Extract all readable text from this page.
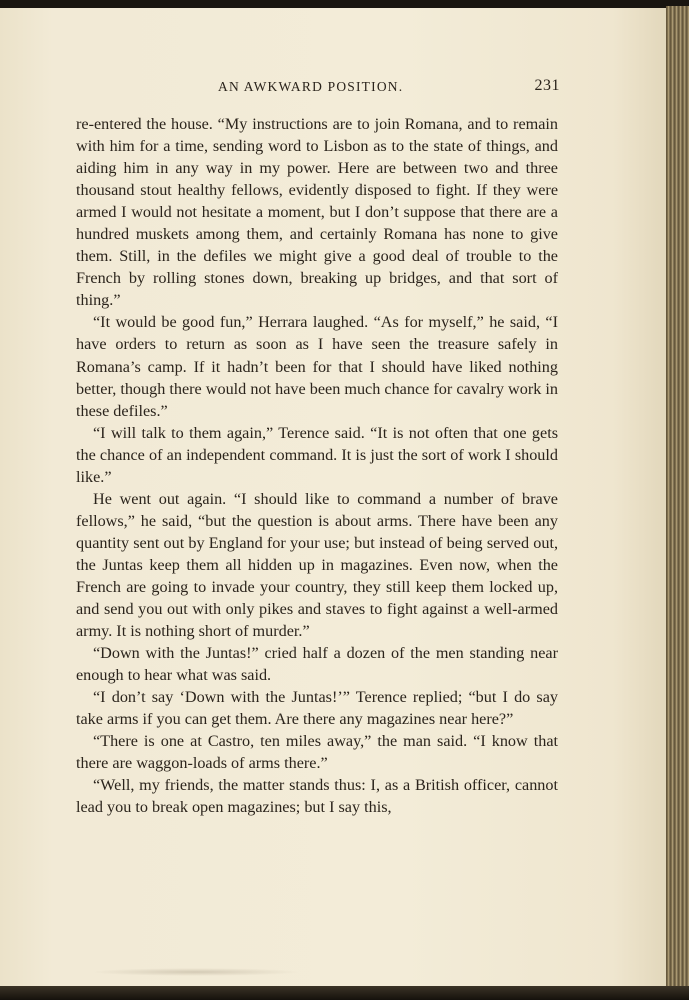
AN AWKWARD POSITION.	231

re-entered the house. “My instructions are to join Romana, and to remain with him for a time, sending word to Lisbon as to the state of things, and aiding him in any way in my power. Here are between two and three thousand stout healthy fellows, evidently disposed to fight. If they were armed I would not hesitate a moment, but I don’t suppose that there are a hundred muskets among them, and certainly Romana has none to give them. Still, in the defiles we might give a good deal of trouble to the French by rolling stones down, breaking up bridges, and that sort of thing.”

“It would be good fun,” Herrara laughed. “As for myself,” he said, “I have orders to return as soon as I have seen the treasure safely in Romana’s camp. If it hadn’t been for that I should have liked nothing better, though there would not have been much chance for cavalry work in these defiles.”

“I will talk to them again,” Terence said. “It is not often that one gets the chance of an independent command. It is just the sort of work I should like.”

He went out again. “I should like to command a number of brave fellows,” he said, “but the question is about arms. There have been any quantity sent out by England for your use; but instead of being served out, the Juntas keep them all hidden up in magazines. Even now, when the French are going to invade your country, they still keep them locked up, and send you out with only pikes and staves to fight against a well-armed army. It is nothing short of murder.”

“Down with the Juntas!” cried half a dozen of the men standing near enough to hear what was said.

“I don’t say ‘Down with the Juntas!’” Terence replied; “but I do say take arms if you can get them. Are there any magazines near here?”

“There is one at Castro, ten miles away,” the man said. “I know that there are waggon-loads of arms there.”

“Well, my friends, the matter stands thus: I, as a British officer, cannot lead you to break open magazines; but I say this,
